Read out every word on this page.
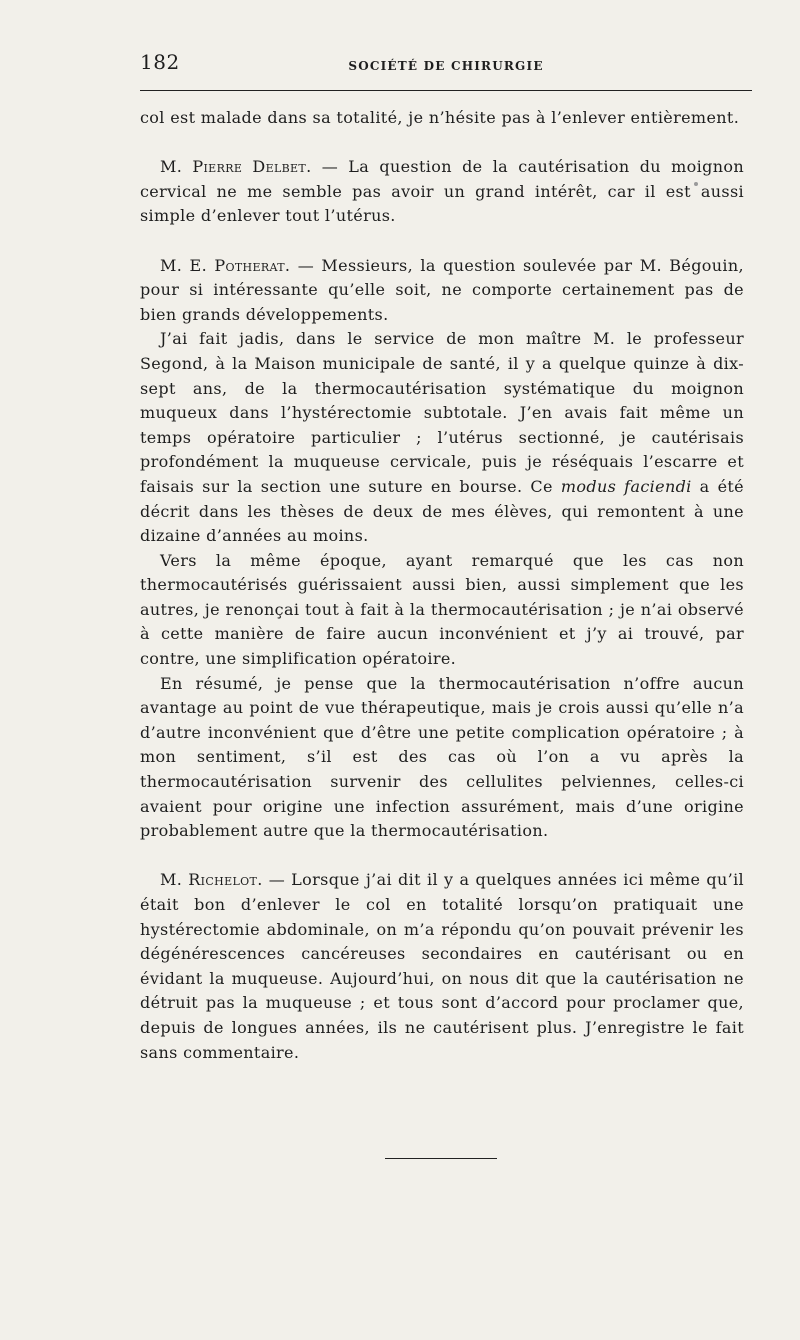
182	SOCIÉTÉ DE CHIRURGIE

col est malade dans sa totalité, je n’hésite pas à l’enlever entièrement.

M. Pierre Delbet. — La question de la cautérisation du moignon cervical ne me semble pas avoir un grand intérêt, car il est aussi simple d’enlever tout l’utérus.

M. E. Potherat. — Messieurs, la question soulevée par M. Bégouin, pour si intéressante qu’elle soit, ne comporte certainement pas de bien grands développements.

J’ai fait jadis, dans le service de mon maître M. le professeur Segond, à la Maison municipale de santé, il y a quelque quinze à dix-sept ans, de la thermocautérisation systématique du moignon muqueux dans l’hystérectomie subtotale. J’en avais fait même un temps opératoire particulier ; l’utérus sectionné, je cautérisais profondément la muqueuse cervicale, puis je réséquais l’escarre et faisais sur la section une suture en bourse. Ce modus faciendi a été décrit dans les thèses de deux de mes élèves, qui remontent à une dizaine d’années au moins.

Vers la même époque, ayant remarqué que les cas non thermocautérisés guérissaient aussi bien, aussi simplement que les autres, je renonçai tout à fait à la thermocautérisation ; je n’ai observé à cette manière de faire aucun inconvénient et j’y ai trouvé, par contre, une simplification opératoire.

En résumé, je pense que la thermocautérisation n’offre aucun avantage au point de vue thérapeutique, mais je crois aussi qu’elle n’a d’autre inconvénient que d’être une petite complication opératoire ; à mon sentiment, s’il est des cas où l’on a vu après la thermocautérisation survenir des cellulites pelviennes, celles-ci avaient pour origine une infection assurément, mais d’une origine probablement autre que la thermocautérisation.

M. Richelot. — Lorsque j’ai dit il y a quelques années ici même qu’il était bon d’enlever le col en totalité lorsqu’on pratiquait une hystérectomie abdominale, on m’a répondu qu’on pouvait prévenir les dégénérescences cancéreuses secondaires en cautérisant ou en évidant la muqueuse. Aujourd’hui, on nous dit que la cautérisation ne détruit pas la muqueuse ; et tous sont d’accord pour proclamer que, depuis de longues années, ils ne cautérisent plus. J’enregistre le fait sans commentaire.
